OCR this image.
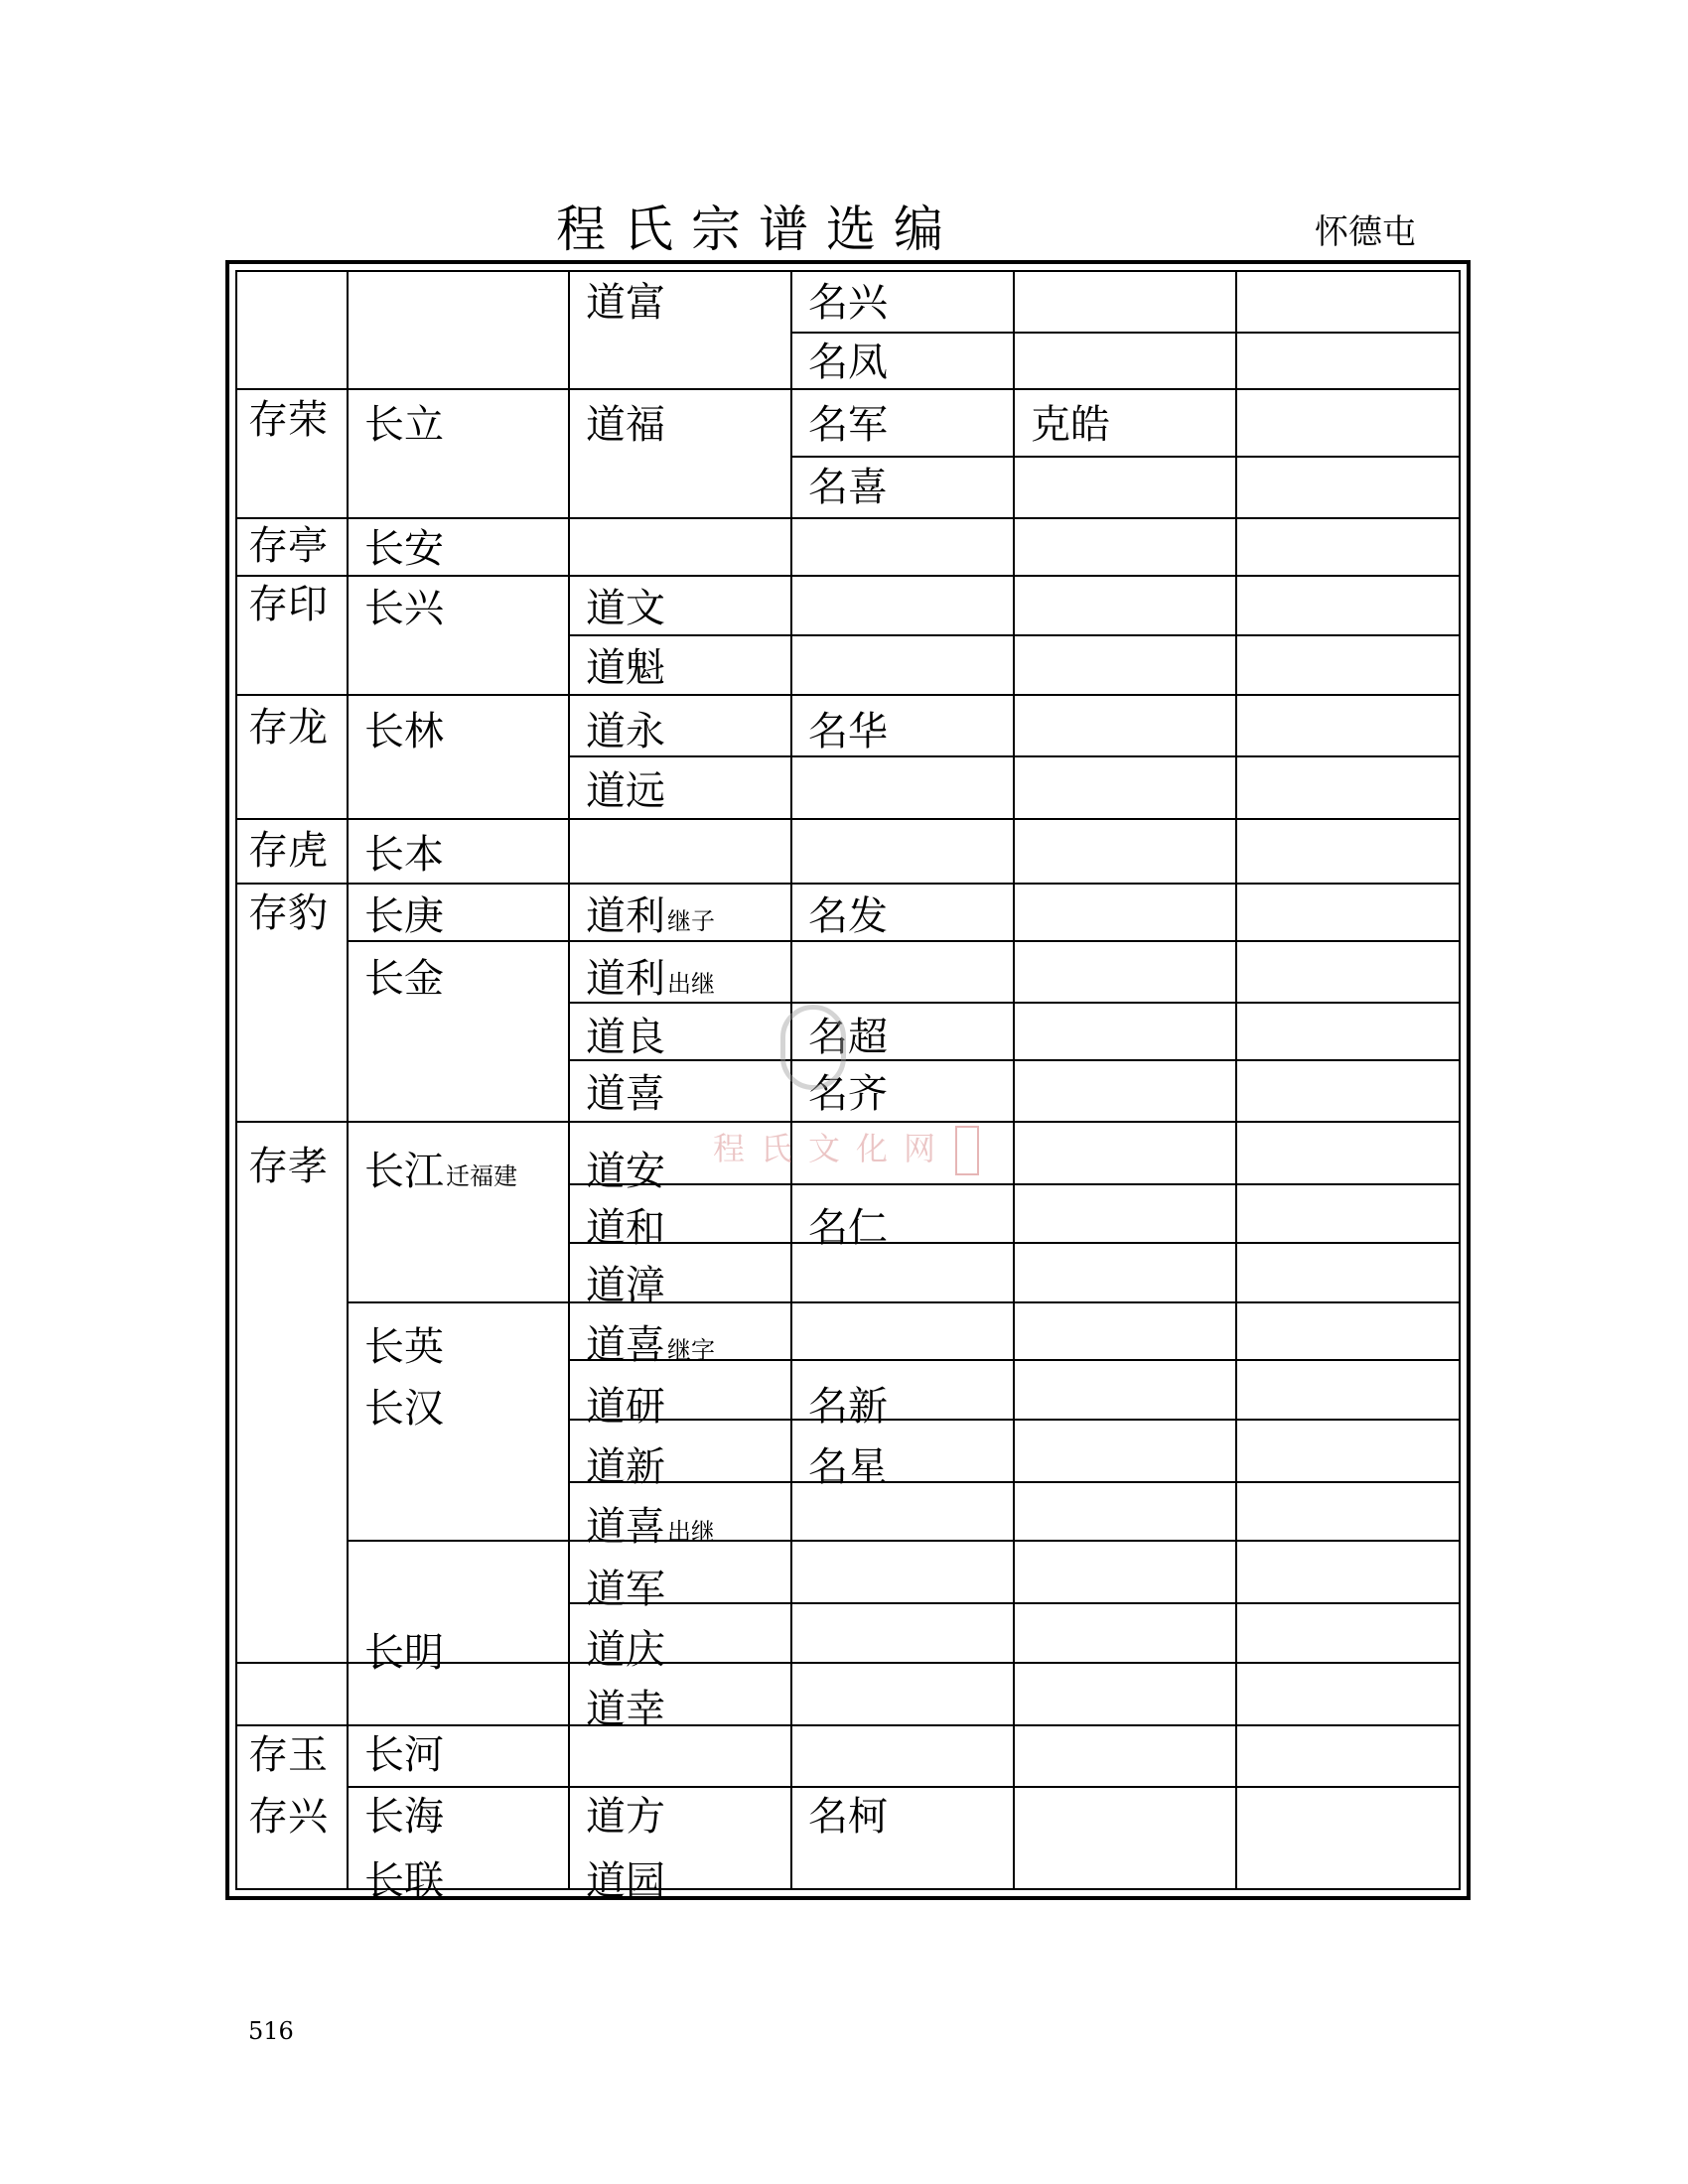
程氏宗谱选编	怀德屯
存荣
存亭
存印
存龙
存虎
存豹
存孝
存玉
存兴
长立
长安
长兴
长林
长本
长庚
长金
长江迁福建
长英
长汉
长明
长河
长海
长联
道富
道福
道文
道魁
道永
道远
道利继子
道利出继
道良
道喜
道安
道和
道漳
道喜继字
道研
道新
道喜出继
道军
道庆
道幸
道方
道园
名兴
名凤
名军
名喜
名华
名发
名超
名齐
名仁
名新
名星
名柯
克皓
程氏文化网
516
